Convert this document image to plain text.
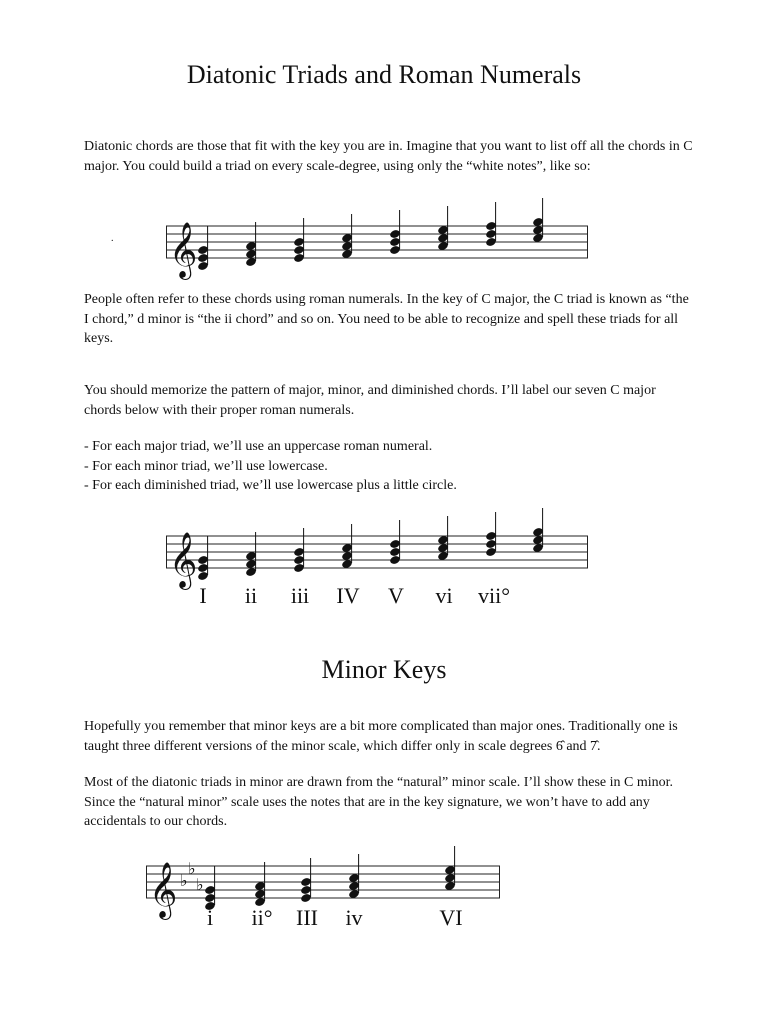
Diatonic Triads and Roman Numerals

Diatonic chords are those that fit with the key you are in. Imagine that you want to list off all the chords in C major. You could build a triad on every scale-degree, using only the “white notes”, like so:

. 𝄞

People often refer to these chords using roman numerals. In the key of C major, the C triad is known as “the I chord,” d minor is “the ii chord” and so on. You need to be able to recognize and spell these triads for all keys.

You should memorize the pattern of major, minor, and diminished chords. I’ll label our seven C major chords below with their proper roman numerals.

- For each major triad, we’ll use an uppercase roman numeral.

- For each minor triad, we’ll use lowercase.

- For each diminished triad, we’ll use lowercase plus a little circle.

𝄞
I ii iii IV V vi vii°
Minor Keys

Hopefully you remember that minor keys are a bit more complicated than major ones. Traditionally one is taught three different versions of the minor scale, which differ only in scale degrees 6̂ and 7̂.

Most of the diatonic triads in minor are drawn from the “natural” minor scale. I’ll show these in C minor. Since the “natural minor” scale uses the notes that are in the key signature, we won’t have to add any accidentals to our chords.

𝄞 ♭
♭
♭
i ii° III iv	VI
